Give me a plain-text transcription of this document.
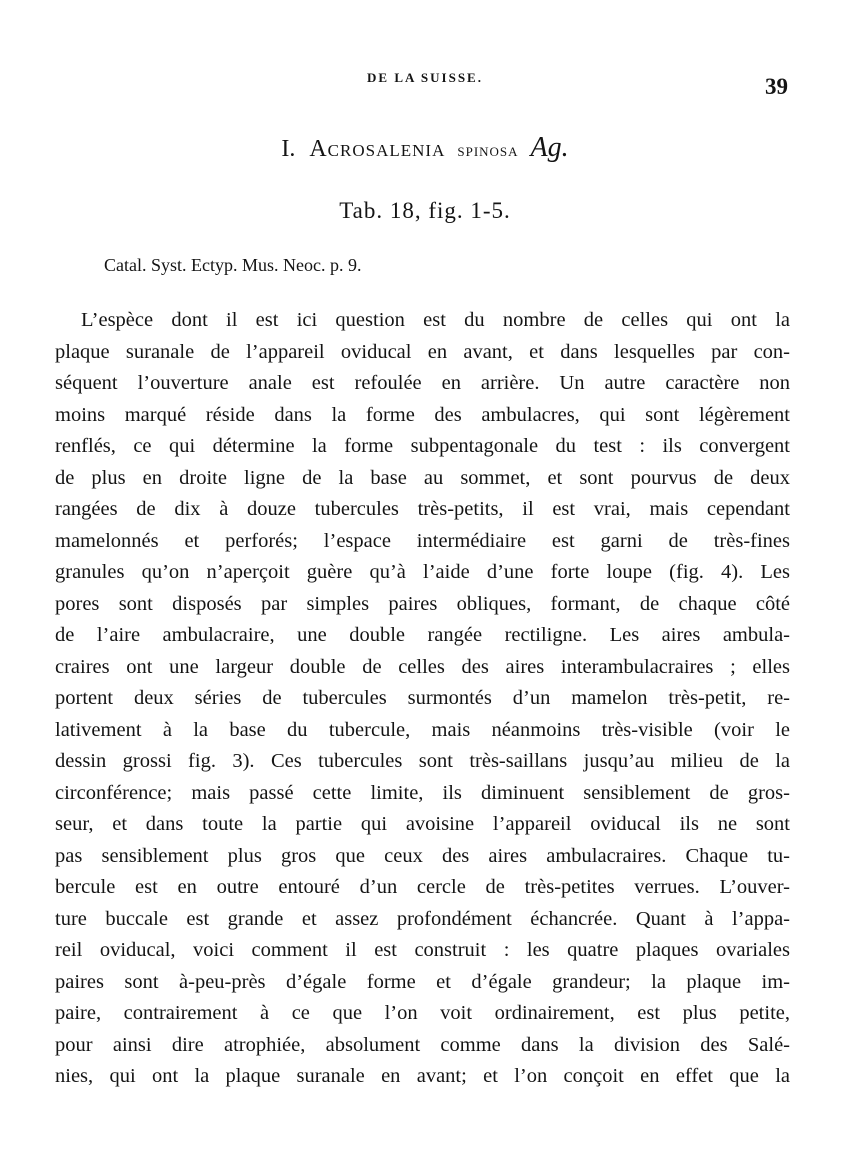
DE LA SUISSE.	39
I. Acrosalenia spinosa Ag.
Tab. 18, fig. 1-5.
Catal. Syst. Ectyp. Mus. Neoc. p. 9.
L’espèce dont il est ici question est du nombre de celles qui ont la
plaque suranale de l’appareil oviducal en avant, et dans lesquelles par con-
séquent l’ouverture anale est refoulée en arrière. Un autre caractère non
moins marqué réside dans la forme des ambulacres, qui sont légèrement
renflés, ce qui détermine la forme subpentagonale du test : ils convergent
de plus en droite ligne de la base au sommet, et sont pourvus de deux
rangées de dix à douze tubercules très-petits, il est vrai, mais cependant
mamelonnés et perforés; l’espace intermédiaire est garni de très-fines
granules qu’on n’aperçoit guère qu’à l’aide d’une forte loupe (fig. 4). Les
pores sont disposés par simples paires obliques, formant, de chaque côté
de l’aire ambulacraire, une double rangée rectiligne. Les aires ambula-
craires ont une largeur double de celles des aires interambulacraires ; elles
portent deux séries de tubercules surmontés d’un mamelon très-petit, re-
lativement à la base du tubercule, mais néanmoins très-visible (voir le
dessin grossi fig. 3). Ces tubercules sont très-saillans jusqu’au milieu de la
circonférence; mais passé cette limite, ils diminuent sensiblement de gros-
seur, et dans toute la partie qui avoisine l’appareil oviducal ils ne sont
pas sensiblement plus gros que ceux des aires ambulacraires. Chaque tu-
bercule est en outre entouré d’un cercle de très-petites verrues. L’ouver-
ture buccale est grande et assez profondément échancrée. Quant à l’appa-
reil oviducal, voici comment il est construit : les quatre plaques ovariales
paires sont à-peu-près d’égale forme et d’égale grandeur; la plaque im-
paire, contrairement à ce que l’on voit ordinairement, est plus petite,
pour ainsi dire atrophiée, absolument comme dans la division des Salé-
nies, qui ont la plaque suranale en avant; et l’on conçoit en effet que la
